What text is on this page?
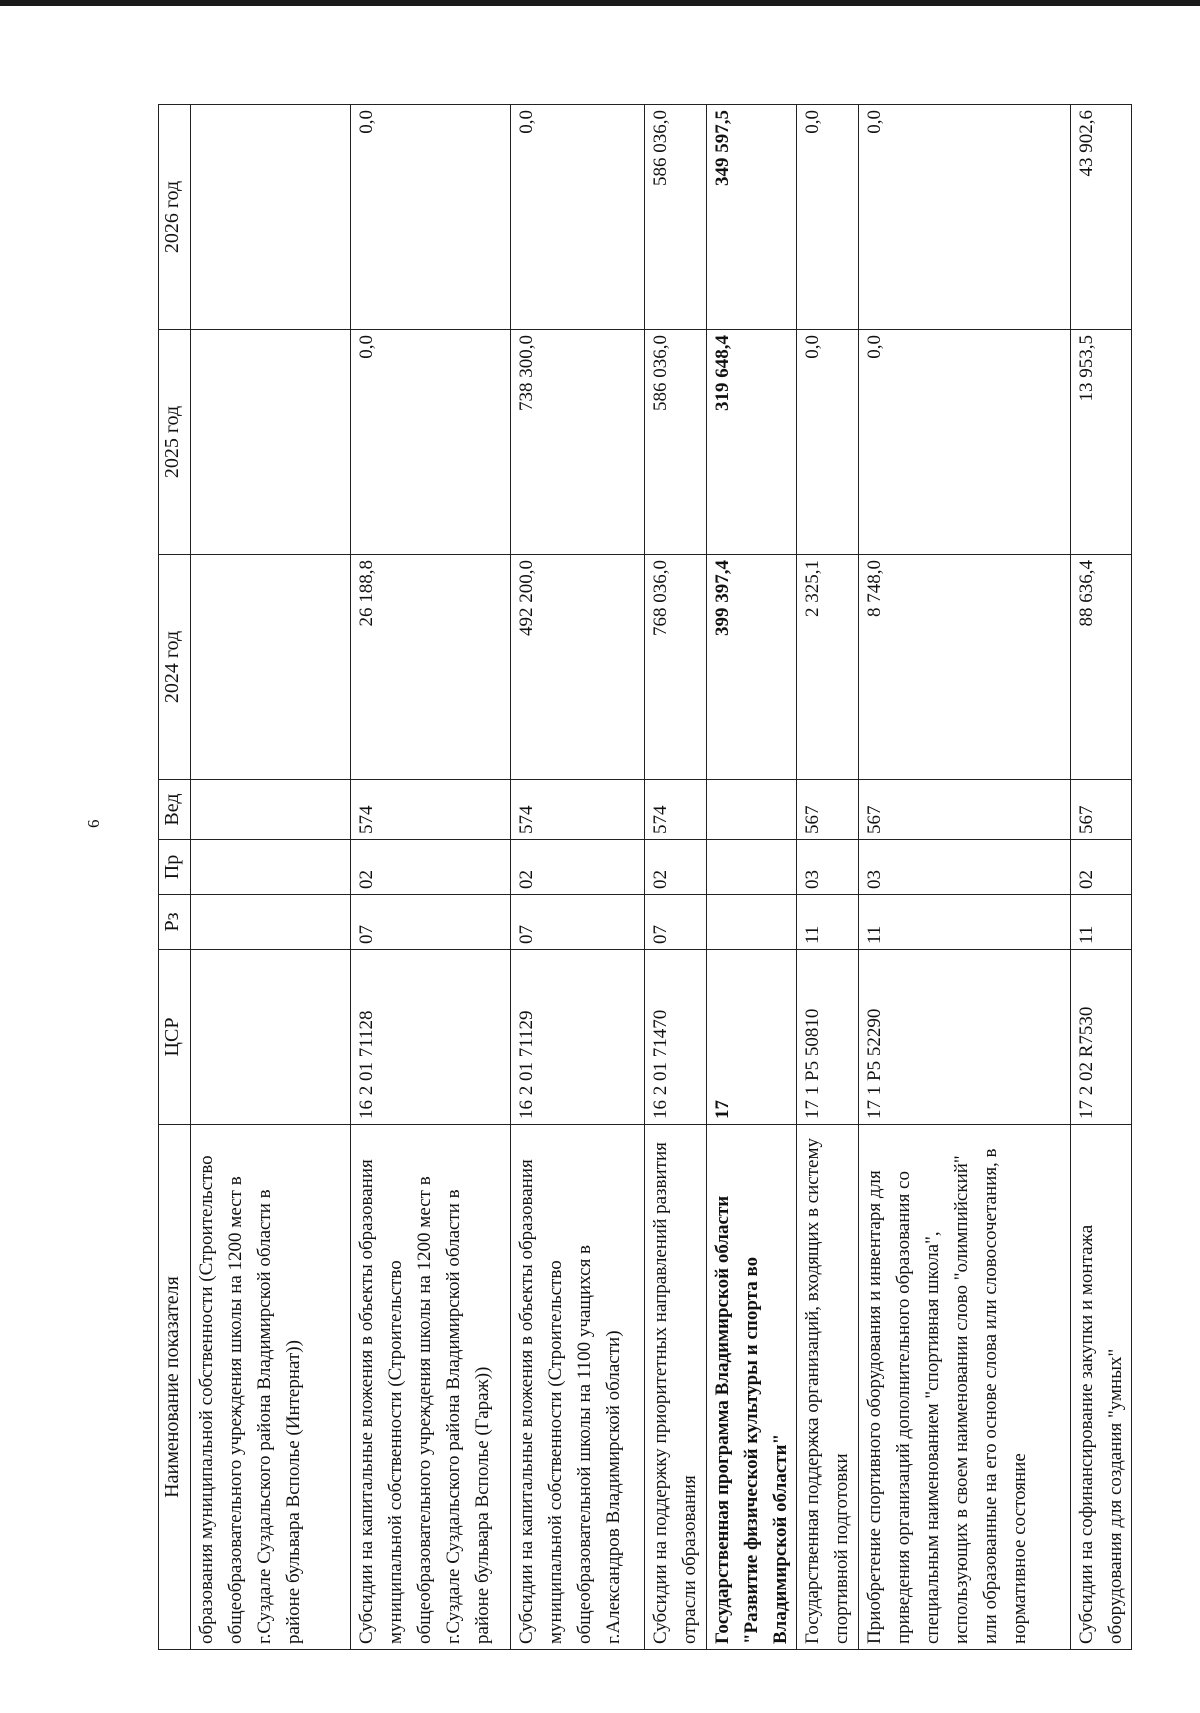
6
Наименование показателя	ЦСР	Рз	Пр	Вед	2024 год	2025 год	2026 год
образования муниципальной собственности (Строительство общеобразовательного учреждения школы на 1200 мест в г.Суздале Суздальского района Владимирской области в районе бульвара Всполье (Интернат))							
Субсидии на капитальные вложения в объекты образования муниципальной собственности (Строительство общеобразовательного учреждения школы на 1200 мест в г.Суздале Суздальского района Владимирской области в районе бульвара Всполье (Гараж))	16 2 01 71128	07	02	574	26 188,8	0,0	0,0
Субсидии на капитальные вложения в объекты образования муниципальной собственности (Строительство общеобразовательной школы на 1100 учащихся в г.Александров Владимирской области)	16 2 01 71129	07	02	574	492 200,0	738 300,0	0,0
Субсидии на поддержку приоритетных направлений развития отрасли образования	16 2 01 71470	07	02	574	768 036,0	586 036,0	586 036,0
Государственная программа Владимирской области "Развитие физической культуры и спорта во Владимирской области"	17				399 397,4	319 648,4	349 597,5
Государственная поддержка организаций, входящих в систему спортивной подготовки	17 1 P5 50810	11	03	567	2 325,1	0,0	0,0
Приобретение спортивного оборудования и инвентаря для приведения организаций дополнительного образования со специальным наименованием "спортивная школа", использующих в своем наименовании слово "олимпийский" или образованные на его основе слова или словосочетания, в нормативное состояние	17 1 P5 52290	11	03	567	8 748,0	0,0	0,0
Субсидии на софинансирование закупки и монтажа оборудования для создания "умных"	17 2 02 R7530	11	02	567	88 636,4	13 953,5	43 902,6
